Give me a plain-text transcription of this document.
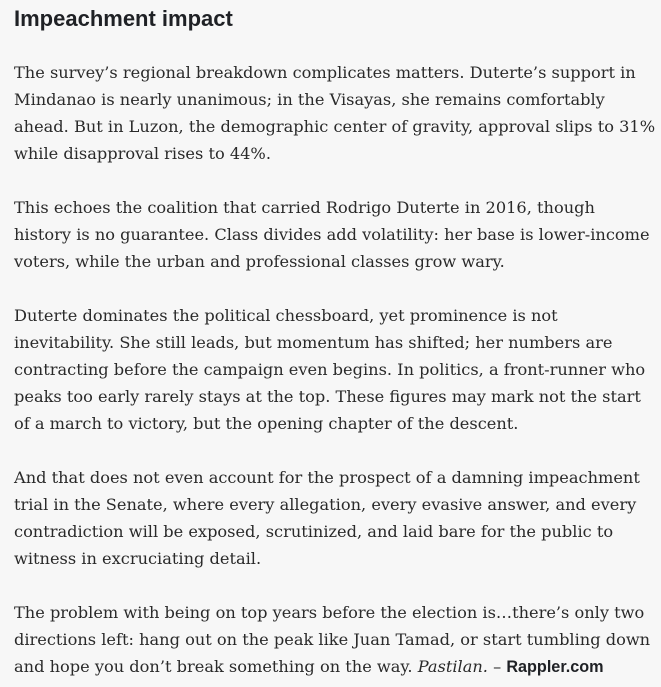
Impeachment impact

The survey’s regional breakdown complicates matters. Duterte’s support in
Mindanao is nearly unanimous; in the Visayas, she remains comfortably
ahead. But in Luzon, the demographic center of gravity, approval slips to 31%
while disapproval rises to 44%.

This echoes the coalition that carried Rodrigo Duterte in 2016, though
history is no guarantee. Class divides add volatility: her base is lower-income
voters, while the urban and professional classes grow wary.

Duterte dominates the political chessboard, yet prominence is not
inevitability. She still leads, but momentum has shifted; her numbers are
contracting before the campaign even begins. In politics, a front-runner who
peaks too early rarely stays at the top. These figures may mark not the start
of a march to victory, but the opening chapter of the descent.

And that does not even account for the prospect of a damning impeachment
trial in the Senate, where every allegation, every evasive answer, and every
contradiction will be exposed, scrutinized, and laid bare for the public to
witness in excruciating detail.

The problem with being on top years before the election is…there’s only two
directions left: hang out on the peak like Juan Tamad, or start tumbling down
and hope you don’t break something on the way. Pastilan. – Rappler.com
